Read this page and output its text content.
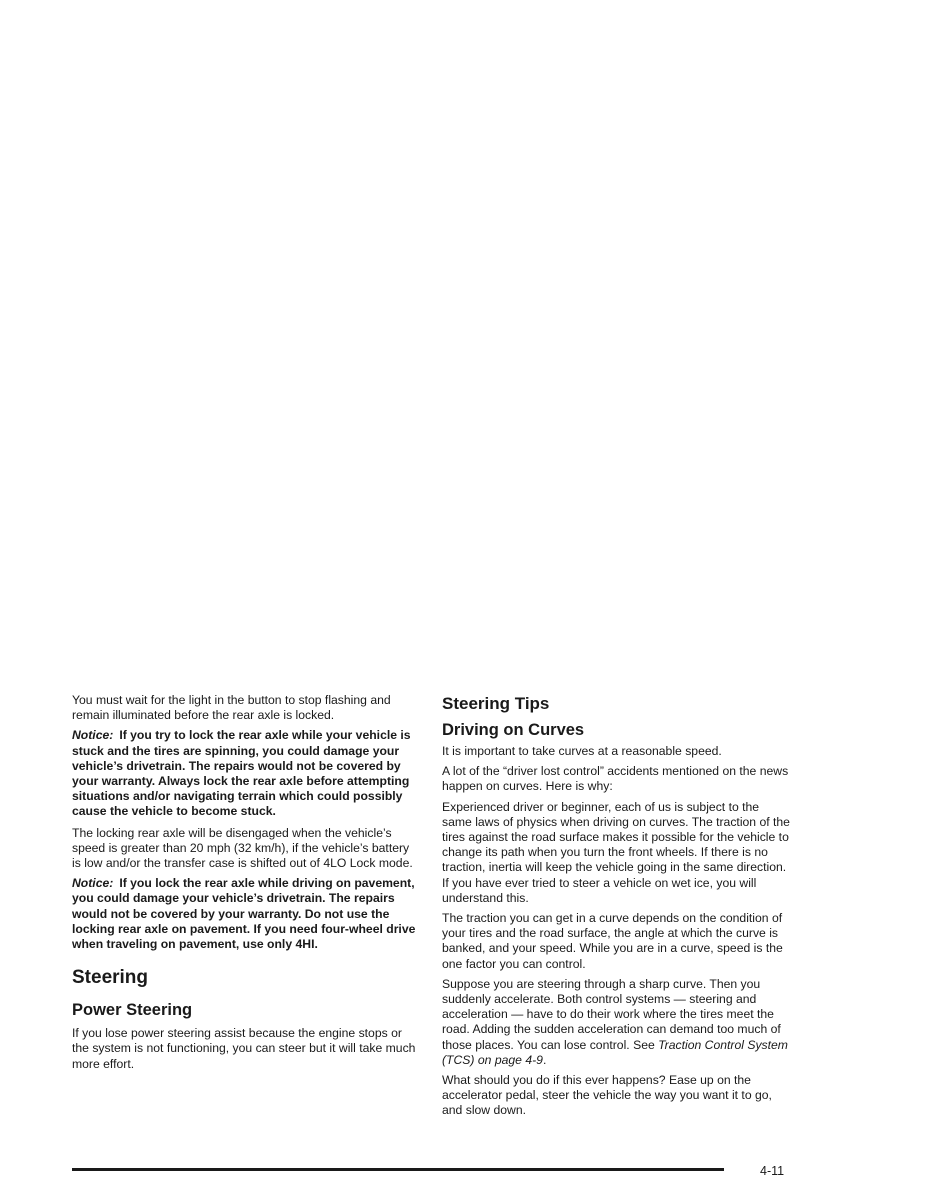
You must wait for the light in the button to stop flashing and remain illuminated before the rear axle is locked.

Notice: If you try to lock the rear axle while your vehicle is stuck and the tires are spinning, you could damage your vehicle’s drivetrain. The repairs would not be covered by your warranty. Always lock the rear axle before attempting situations and/or navigating terrain which could possibly cause the vehicle to become stuck.

The locking rear axle will be disengaged when the vehicle’s speed is greater than 20 mph (32 km/h), if the vehicle’s battery is low and/or the transfer case is shifted out of 4LO Lock mode.

Notice: If you lock the rear axle while driving on pavement, you could damage your vehicle’s drivetrain. The repairs would not be covered by your warranty. Do not use the locking rear axle on pavement. If you need four-wheel drive when traveling on pavement, use only 4HI.

Steering
Power Steering

If you lose power steering assist because the engine stops or the system is not functioning, you can steer but it will take much more effort.

Steering Tips
Driving on Curves

It is important to take curves at a reasonable speed.

A lot of the “driver lost control” accidents mentioned on the news happen on curves. Here is why:

Experienced driver or beginner, each of us is subject to the same laws of physics when driving on curves. The traction of the tires against the road surface makes it possible for the vehicle to change its path when you turn the front wheels. If there is no traction, inertia will keep the vehicle going in the same direction. If you have ever tried to steer a vehicle on wet ice, you will understand this.

The traction you can get in a curve depends on the condition of your tires and the road surface, the angle at which the curve is banked, and your speed. While you are in a curve, speed is the one factor you can control.

Suppose you are steering through a sharp curve. Then you suddenly accelerate. Both control systems — steering and acceleration — have to do their work where the tires meet the road. Adding the sudden acceleration can demand too much of those places. You can lose control. See Traction Control System (TCS) on page 4-9.

What should you do if this ever happens? Ease up on the accelerator pedal, steer the vehicle the way you want it to go, and slow down.

4-11
